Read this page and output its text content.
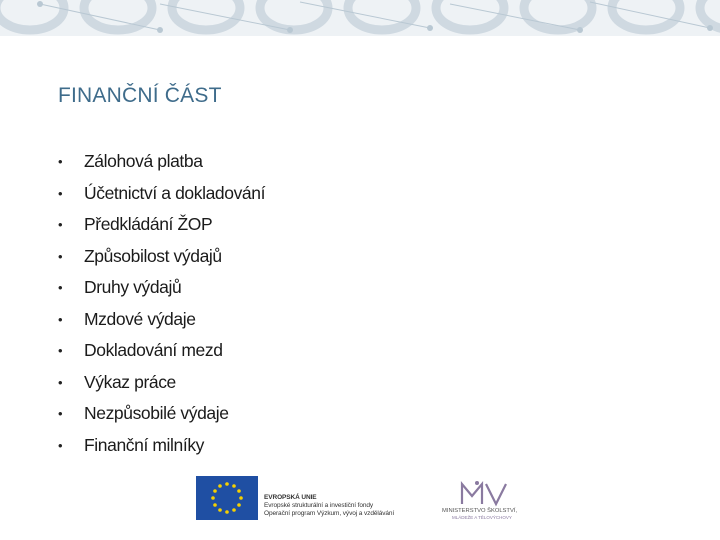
FINANČNÍ ČÁST
•	Zálohová platba
•	Účetnictví a dokladování
•	Předkládání ŽOP
•	Způsobilost výdajů
•	Druhy výdajů
•	Mzdové výdaje
•	Dokladování mezd
•	Výkaz práce
•	Nezpůsobilé výdaje
•	Finanční milníky
EVROPSKÁ UNIE
Evropské strukturální a investiční fondy
Operační program Výzkum, vývoj a vzdělávání	MINISTERSTVO ŠKOLSTVÍ,
MLÁDEŽE A TĚLOVÝCHOVY
